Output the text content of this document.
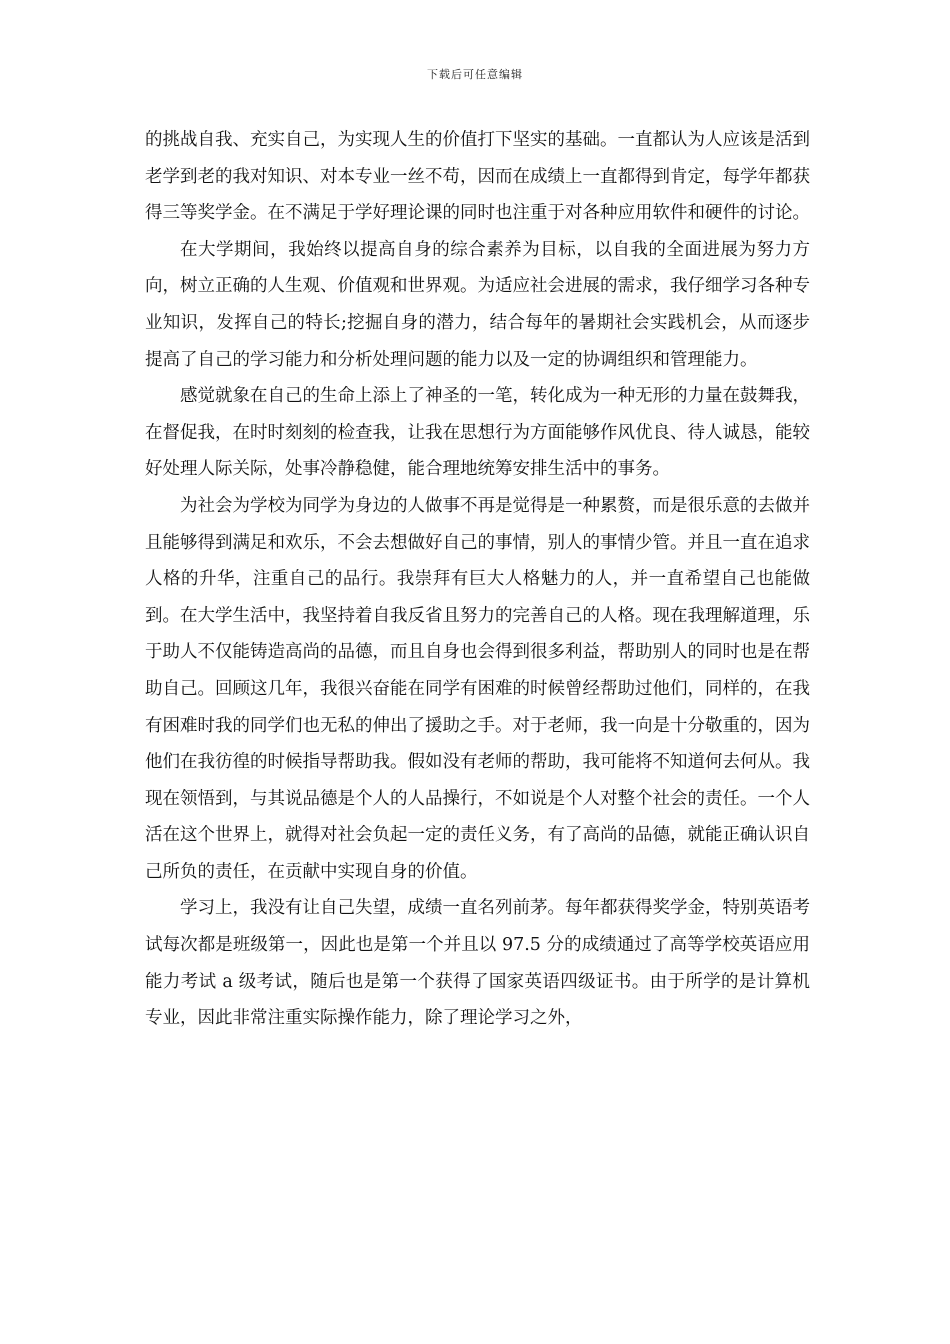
下载后可任意编辑

的挑战自我、充实自己，为实现人生的价值打下坚实的基础。一直都认为人应该是活到老学到老的我对知识、对本专业一丝不苟，因而在成绩上一直都得到肯定，每学年都获得三等奖学金。在不满足于学好理论课的同时也注重于对各种应用软件和硬件的讨论。

在大学期间，我始终以提高自身的综合素养为目标，以自我的全面进展为努力方向，树立正确的人生观、价值观和世界观。为适应社会进展的需求，我仔细学习各种专业知识，发挥自己的特长;挖掘自身的潜力，结合每年的暑期社会实践机会，从而逐步提高了自己的学习能力和分析处理问题的能力以及一定的协调组织和管理能力。

感觉就象在自己的生命上添上了神圣的一笔，转化成为一种无形的力量在鼓舞我，在督促我，在时时刻刻的检查我，让我在思想行为方面能够作风优良、待人诚恳，能较好处理人际关际，处事冷静稳健，能合理地统筹安排生活中的事务。

为社会为学校为同学为身边的人做事不再是觉得是一种累赘，而是很乐意的去做并且能够得到满足和欢乐，不会去想做好自己的事情，别人的事情少管。并且一直在追求人格的升华，注重自己的品行。我崇拜有巨大人格魅力的人，并一直希望自己也能做到。在大学生活中，我坚持着自我反省且努力的完善自己的人格。现在我理解道理，乐于助人不仅能铸造高尚的品德，而且自身也会得到很多利益，帮助别人的同时也是在帮助自己。回顾这几年，我很兴奋能在同学有困难的时候曾经帮助过他们，同样的，在我有困难时我的同学们也无私的伸出了援助之手。对于老师，我一向是十分敬重的，因为他们在我彷徨的时候指导帮助我。假如没有老师的帮助，我可能将不知道何去何从。我现在领悟到，与其说品德是个人的人品操行，不如说是个人对整个社会的责任。一个人活在这个世界上，就得对社会负起一定的责任义务，有了高尚的品德，就能正确认识自己所负的责任，在贡献中实现自身的价值。

学习上，我没有让自己失望，成绩一直名列前茅。每年都获得奖学金，特别英语考试每次都是班级第一，因此也是第一个并且以 97.5 分的成绩通过了高等学校英语应用能力考试 a 级考试，随后也是第一个获得了国家英语四级证书。由于所学的是计算机专业，因此非常注重实际操作能力，除了理论学习之外，
